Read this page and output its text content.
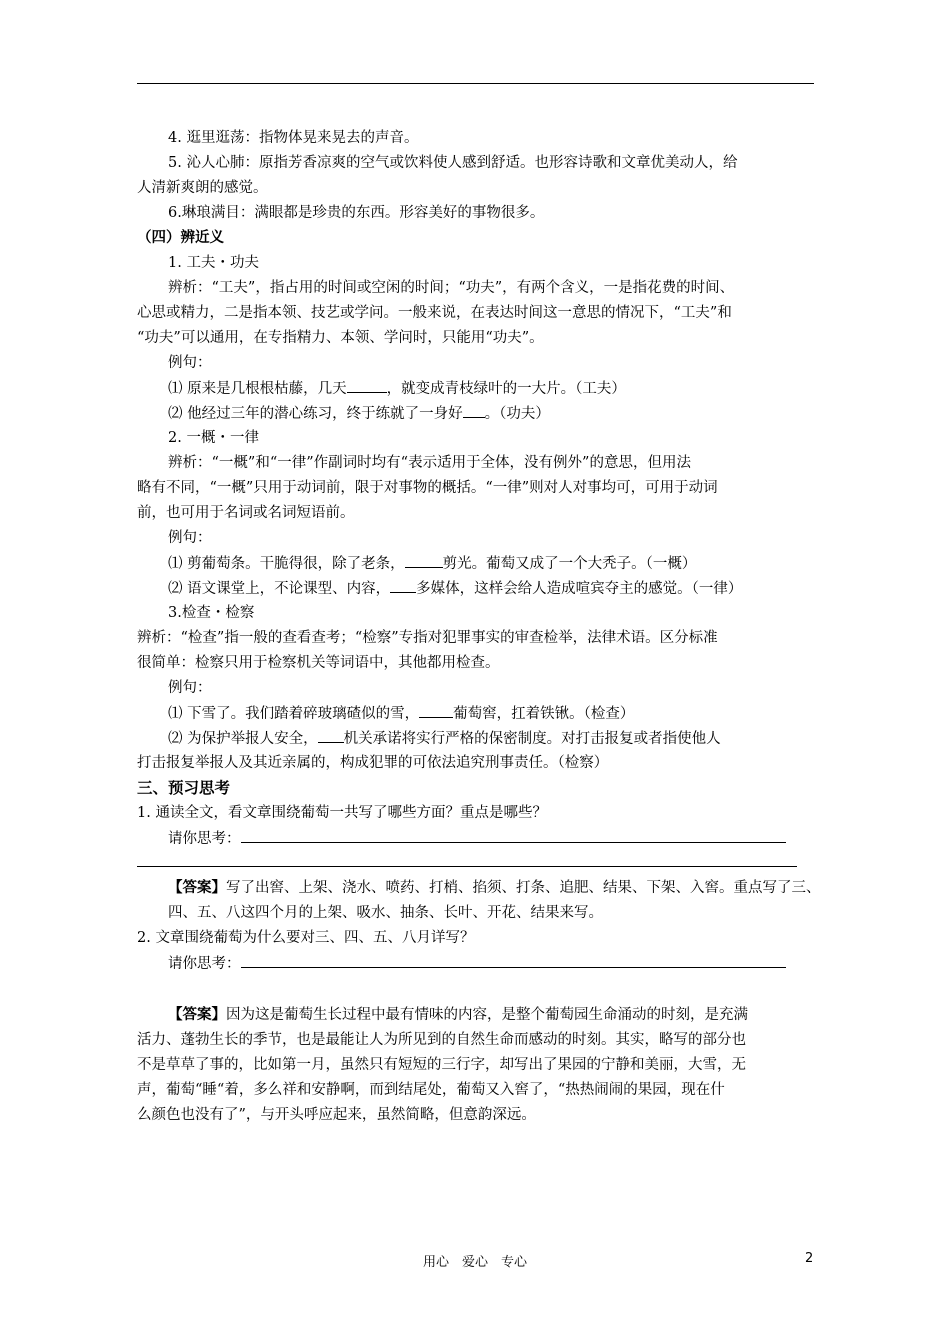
4. 逛里逛荡：指物体晃来晃去的声音。
5. 沁人心肺：原指芳香凉爽的空气或饮料使人感到舒适。也形容诗歌和文章优美动人，给
人清新爽朗的感觉。
6.琳琅满目：满眼都是珍贵的东西。形容美好的事物很多。
（四）辨近义
1. 工夫・功夫
辨析：“工夫”，指占用的时间或空闲的时间；“功夫”，有两个含义，一是指花费的时间、
心思或精力，二是指本领、技艺或学问。一般来说，在表达时间这一意思的情况下，“工夫”和
“功夫”可以通用，在专指精力、本领、学问时，只能用“功夫”。
例句：
⑴ 原来是几根根枯藤，几天	，就变成青枝绿叶的一大片。（工夫）
⑵ 他经过三年的潜心练习，终于练就了一身好 。（功夫）
2. 一概・一律
辨析：“一概”和“一律”作副词时均有“表示适用于全体，没有例外”的意思，但用法
略有不同，“一概”只用于动词前，限于对事物的概括。“一律”则对人对事均可，可用于动词
前，也可用于名词或名词短语前。
例句：
⑴ 剪葡萄条。干脆得很，除了老条，	剪光。葡萄又成了一个大秃子。（一概）
⑵ 语文课堂上，不论课型、内容， 多媒体，这样会给人造成喧宾夺主的感觉。（一律）
3.检查・检察
辨析：“检查”指一般的查看查考；“检察”专指对犯罪事实的审查检举，法律术语。区分标准
很简单：检察只用于检察机关等词语中，其他都用检查。
例句：
⑴ 下雪了。我们踏着碎玻璃碴似的雪， 葡萄窖，扛着铁锹。（检查）
⑵ 为保护举报人安全， 机关承诺将实行严格的保密制度。对打击报复或者指使他人
打击报复举报人及其近亲属的，构成犯罪的可依法追究刑事责任。（检察）
三、预习思考
1. 通读全文，看文章围绕葡萄一共写了哪些方面？重点是哪些？
请你思考：
【答案】写了出窖、上架、浇水、喷药、打梢、掐须、打条、追肥、结果、下架、入窖。重点写了三、
四、五、八这四个月的上架、吸水、抽条、长叶、开花、结果来写。
2. 文章围绕葡萄为什么要对三、四、五、八月详写？
请你思考：
【答案】因为这是葡萄生长过程中最有情味的内容，是整个葡萄园生命涌动的时刻，是充满
活力、蓬勃生长的季节，也是最能让人为所见到的自然生命而感动的时刻。其实，略写的部分也
不是草草了事的，比如第一月，虽然只有短短的三行字，却写出了果园的宁静和美丽，大雪，无
声，葡萄“睡“着，多么祥和安静啊，而到结尾处，葡萄又入窖了，“热热闹闹的果园，现在什
么颜色也没有了”，与开头呼应起来，虽然简略，但意韵深远。
用心　爱心　专心	2
